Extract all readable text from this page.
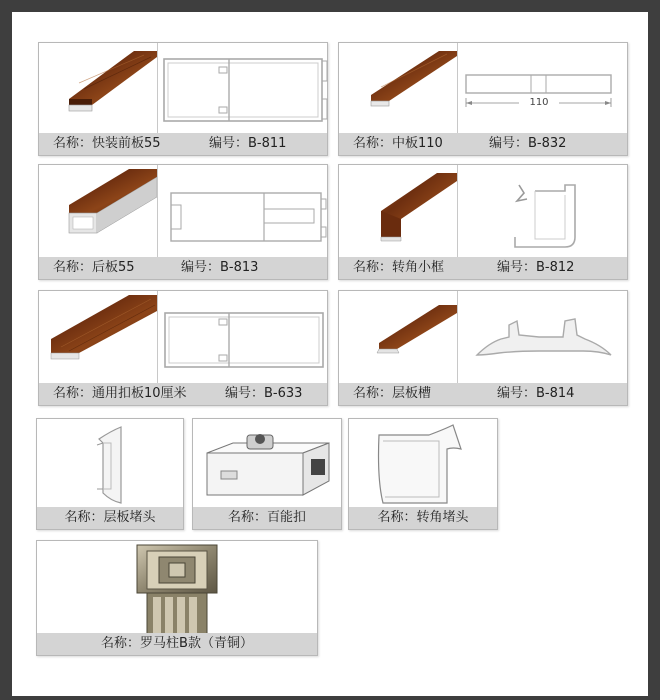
名称：快装前板55	编号：B-811
110
名称：中板110	编号：B-832
名称：后板55	编号：B-813	名称：转角小框	编号：B-812
名称：通用扣板10厘米	编号：B-633	名称：层板槽	编号：B-814
名称：层板堵头	名称：百能扣	名称：转角堵头
名称：罗马柱B款（青铜）
